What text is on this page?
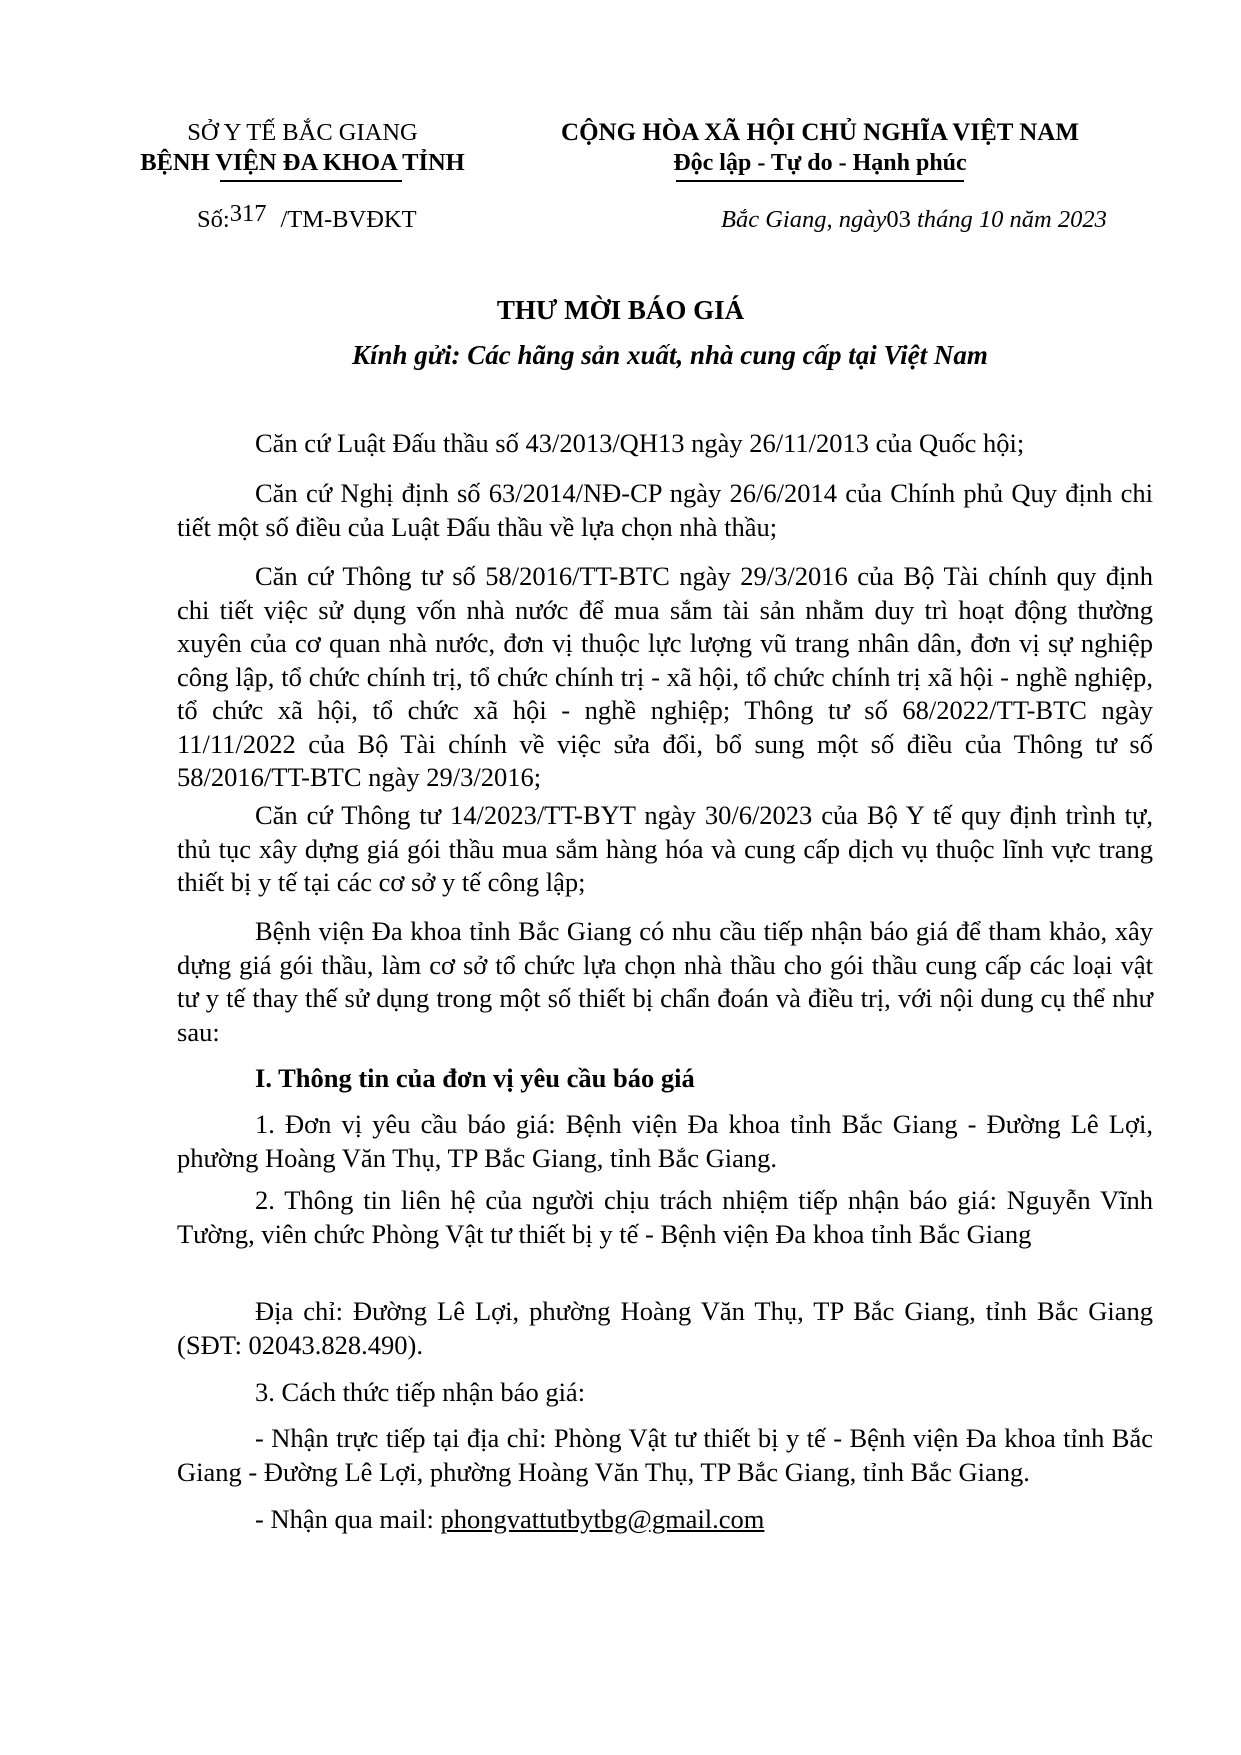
SỞ Y TẾ BẮC GIANG
BỆNH VIỆN ĐA KHOA TỈNH
CỘNG HÒA XÃ HỘI CHỦ NGHĨA VIỆT NAM
Độc lập - Tự do - Hạnh phúc
Số:317 /TM-BVĐKT	Bắc Giang, ngày03 tháng 10 năm 2023
THƯ MỜI BÁO GIÁ
Kính gửi: Các hãng sản xuất, nhà cung cấp tại Việt Nam
Căn cứ Luật Đấu thầu số 43/2013/QH13 ngày 26/11/2013 của Quốc hội;
Căn cứ Nghị định số 63/2014/NĐ-CP ngày 26/6/2014 của Chính phủ Quy định chi tiết một số điều của Luật Đấu thầu về lựa chọn nhà thầu;
Căn cứ Thông tư số 58/2016/TT-BTC ngày 29/3/2016 của Bộ Tài chính quy định chi tiết việc sử dụng vốn nhà nước để mua sắm tài sản nhằm duy trì hoạt động thường xuyên của cơ quan nhà nước, đơn vị thuộc lực lượng vũ trang nhân dân, đơn vị sự nghiệp công lập, tổ chức chính trị, tổ chức chính trị - xã hội, tổ chức chính trị xã hội - nghề nghiệp, tổ chức xã hội, tổ chức xã hội - nghề nghiệp; Thông tư số 68/2022/TT-BTC ngày 11/11/2022 của Bộ Tài chính về việc sửa đổi, bổ sung một số điều của Thông tư số 58/2016/TT-BTC ngày 29/3/2016;
Căn cứ Thông tư 14/2023/TT-BYT ngày 30/6/2023 của Bộ Y tế quy định trình tự, thủ tục xây dựng giá gói thầu mua sắm hàng hóa và cung cấp dịch vụ thuộc lĩnh vực trang thiết bị y tế tại các cơ sở y tế công lập;
Bệnh viện Đa khoa tỉnh Bắc Giang có nhu cầu tiếp nhận báo giá để tham khảo, xây dựng giá gói thầu, làm cơ sở tổ chức lựa chọn nhà thầu cho gói thầu cung cấp các loại vật tư y tế thay thế sử dụng trong một số thiết bị chẩn đoán và điều trị, với nội dung cụ thể như sau:
I. Thông tin của đơn vị yêu cầu báo giá
1. Đơn vị yêu cầu báo giá: Bệnh viện Đa khoa tỉnh Bắc Giang - Đường Lê Lợi, phường Hoàng Văn Thụ, TP Bắc Giang, tỉnh Bắc Giang.
2. Thông tin liên hệ của người chịu trách nhiệm tiếp nhận báo giá: Nguyễn Vĩnh Tường, viên chức Phòng Vật tư thiết bị y tế - Bệnh viện Đa khoa tỉnh Bắc Giang
Địa chỉ: Đường Lê Lợi, phường Hoàng Văn Thụ, TP Bắc Giang, tỉnh Bắc Giang (SĐT: 02043.828.490).
3. Cách thức tiếp nhận báo giá:
- Nhận trực tiếp tại địa chỉ: Phòng Vật tư thiết bị y tế - Bệnh viện Đa khoa tỉnh Bắc Giang - Đường Lê Lợi, phường Hoàng Văn Thụ, TP Bắc Giang, tỉnh Bắc Giang.
- Nhận qua mail: phongvattutbytbg@gmail.com
